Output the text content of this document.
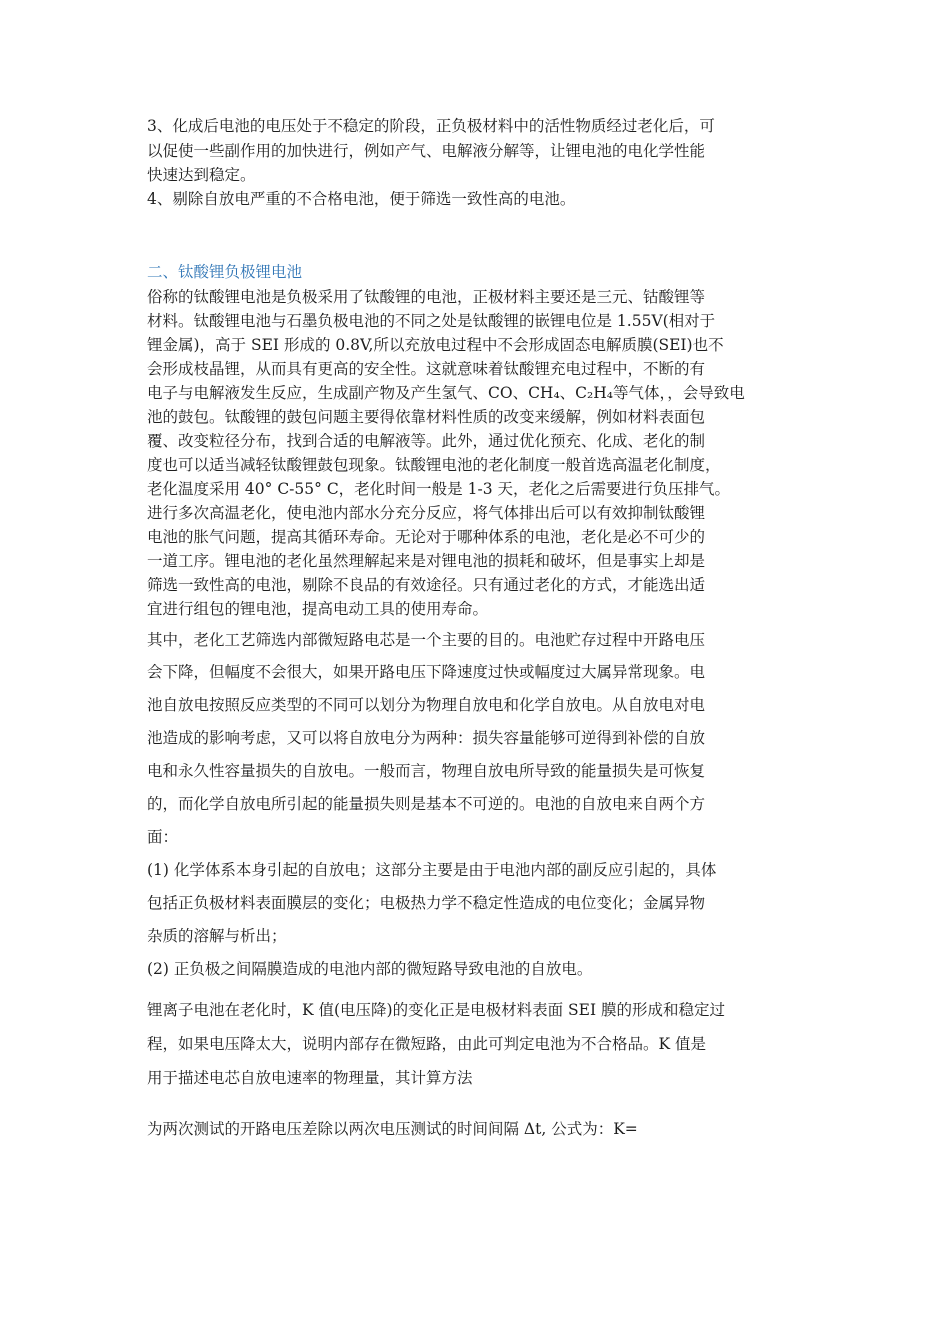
3、化成后电池的电压处于不稳定的阶段，正负极材料中的活性物质经过老化后，可

以促使一些副作用的加快进行，例如产气、电解液分解等，让锂电池的电化学性能

快速达到稳定。

4、剔除自放电严重的不合格电池，便于筛选一致性高的电池。

二、钛酸锂负极锂电池

俗称的钛酸锂电池是负极采用了钛酸锂的电池，正极材料主要还是三元、钴酸锂等

材料。钛酸锂电池与石墨负极电池的不同之处是钛酸锂的嵌锂电位是 1.55V(相对于

锂金属)，高于 SEI 形成的 0.8V,所以充放电过程中不会形成固态电解质膜(SEI)也不

会形成枝晶锂，从而具有更高的安全性。这就意味着钛酸锂充电过程中，不断的有

电子与电解液发生反应，生成副产物及产生氢气、CO、CH₄、C₂H₄等气体，，会导致电

池的鼓包。钛酸锂的鼓包问题主要得依靠材料性质的改变来缓解，例如材料表面包

覆、改变粒径分布，找到合适的电解液等。此外，通过优化预充、化成、老化的制

度也可以适当减轻钛酸锂鼓包现象。钛酸锂电池的老化制度一般首选高温老化制度，

老化温度采用 40° C-55° C，老化时间一般是 1-3 天，老化之后需要进行负压排气。

进行多次高温老化，使电池内部水分充分反应，将气体排出后可以有效抑制钛酸锂

电池的胀气问题，提高其循环寿命。无论对于哪种体系的电池，老化是必不可少的

一道工序。锂电池的老化虽然理解起来是对锂电池的损耗和破坏，但是事实上却是

筛选一致性高的电池，剔除不良品的有效途径。只有通过老化的方式，才能选出适

宜进行组包的锂电池，提高电动工具的使用寿命。

其中，老化工艺筛选内部微短路电芯是一个主要的目的。电池贮存过程中开路电压

会下降，但幅度不会很大，如果开路电压下降速度过快或幅度过大属异常现象。电

池自放电按照反应类型的不同可以划分为物理自放电和化学自放电。从自放电对电

池造成的影响考虑，又可以将自放电分为两种：损失容量能够可逆得到补偿的自放

电和永久性容量损失的自放电。一般而言，物理自放电所导致的能量损失是可恢复

的，而化学自放电所引起的能量损失则是基本不可逆的。电池的自放电来自两个方

面：

(1) 化学体系本身引起的自放电；这部分主要是由于电池内部的副反应引起的，具体

包括正负极材料表面膜层的变化；电极热力学不稳定性造成的电位变化；金属异物

杂质的溶解与析出；

(2) 正负极之间隔膜造成的电池内部的微短路导致电池的自放电。

锂离子电池在老化时，K 值(电压降)的变化正是电极材料表面 SEI 膜的形成和稳定过

程，如果电压降太大，说明内部存在微短路，由此可判定电池为不合格品。K 值是

用于描述电芯自放电速率的物理量，其计算方法

为两次测试的开路电压差除以两次电压测试的时间间隔 Δt, 公式为：K=
